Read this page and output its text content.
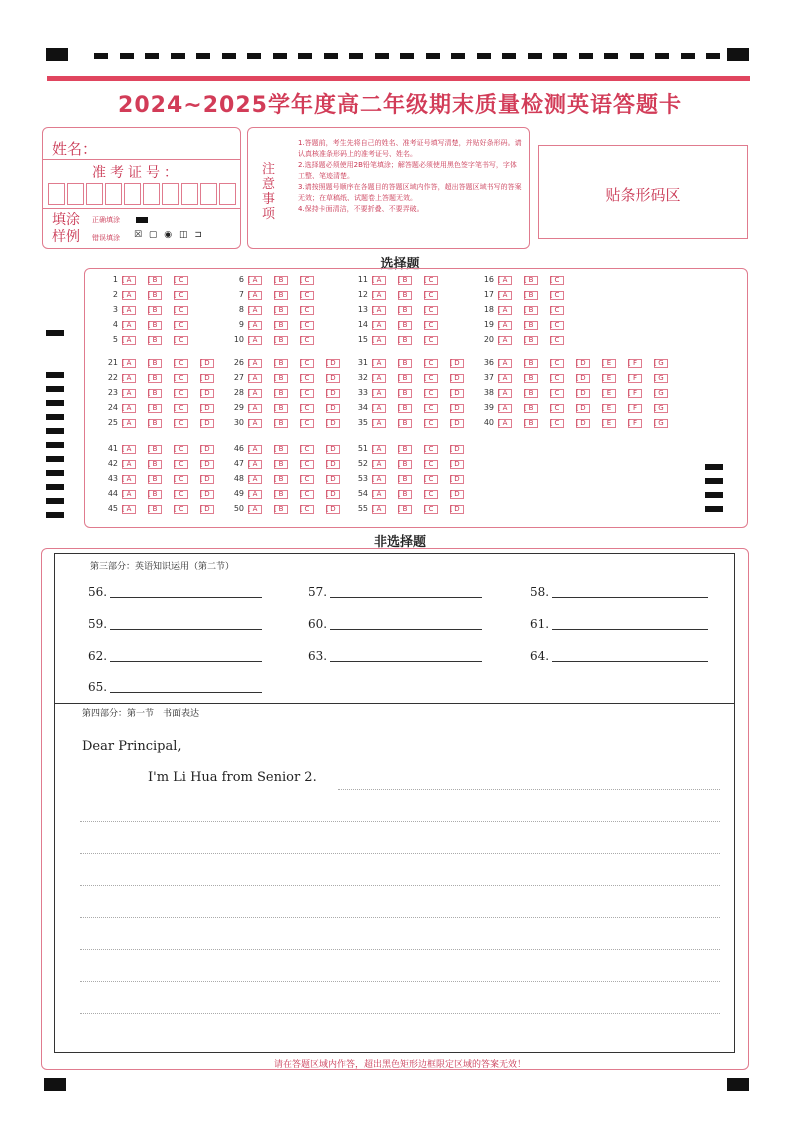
2024~2025学年度高二年级期末质量检测英语答题卡
姓名：
准考证号：
填涂
样例
正确填涂
错误填涂 ☒ ▢ ◉ ◫ ⊐
注意事项
1.答题前，考生先将自己的姓名、准考证号填写清楚，并贴好条形码。请认真核准条形码上的准考证号、姓名。
2.选择题必须使用2B铅笔填涂；解答题必须使用黑色签字笔书写，字体工整、笔迹清楚。
3.请按照题号顺序在各题目的答题区域内作答，超出答题区域书写的答案无效；在草稿纸、试题卷上答题无效。
4.保持卡面清洁，不要折叠、不要弄破。
贴条形码区
选择题
1	[ A	[ B	[ C
2	[ A	[ B	[ C
3	[ A	[ B	[ C
4	[ A	[ B	[ C
5	[ A	[ B	[ C
6	[ A	[ B	[ C
7	[ A	[ B	[ C
8	[ A	[ B	[ C
9	[ A	[ B	[ C
10	[ A	[ B	[ C
11	[ A	[ B	[ C
12	[ A	[ B	[ C
13	[ A	[ B	[ C
14	[ A	[ B	[ C
15	[ A	[ B	[ C
16	[ A	[ B	[ C
17	[ A	[ B	[ C
18	[ A	[ B	[ C
19	[ A	[ B	[ C
20	[ A	[ B	[ C
21	[ A	[ B	[ C	[ D
22	[ A	[ B	[ C	[ D
23	[ A	[ B	[ C	[ D
24	[ A	[ B	[ C	[ D
25	[ A	[ B	[ C	[ D
26	[ A	[ B	[ C	[ D
27	[ A	[ B	[ C	[ D
28	[ A	[ B	[ C	[ D
29	[ A	[ B	[ C	[ D
30	[ A	[ B	[ C	[ D
31	[ A	[ B	[ C	[ D
32	[ A	[ B	[ C	[ D
33	[ A	[ B	[ C	[ D
34	[ A	[ B	[ C	[ D
35	[ A	[ B	[ C	[ D
36	[ A	[ B	[ C	[ D	[ E	[ F	[ G
37	[ A	[ B	[ C	[ D	[ E	[ F	[ G
38	[ A	[ B	[ C	[ D	[ E	[ F	[ G
39	[ A	[ B	[ C	[ D	[ E	[ F	[ G
40	[ A	[ B	[ C	[ D	[ E	[ F	[ G
41	[ A	[ B	[ C	[ D
42	[ A	[ B	[ C	[ D
43	[ A	[ B	[ C	[ D
44	[ A	[ B	[ C	[ D
45	[ A	[ B	[ C	[ D
46	[ A	[ B	[ C	[ D
47	[ A	[ B	[ C	[ D
48	[ A	[ B	[ C	[ D
49	[ A	[ B	[ C	[ D
50	[ A	[ B	[ C	[ D
51	[ A	[ B	[ C	[ D
52	[ A	[ B	[ C	[ D
53	[ A	[ B	[ C	[ D
54	[ A	[ B	[ C	[ D
55	[ A	[ B	[ C	[ D
非选择题
第三部分：英语知识运用（第二节）
56.	57.	58.
59.	60.	61.
62.	63.	64.
65.
第四部分：第一节　书面表达
Dear Principal,
I'm Li Hua from Senior 2.
请在答题区域内作答，超出黑色矩形边框限定区域的答案无效！
